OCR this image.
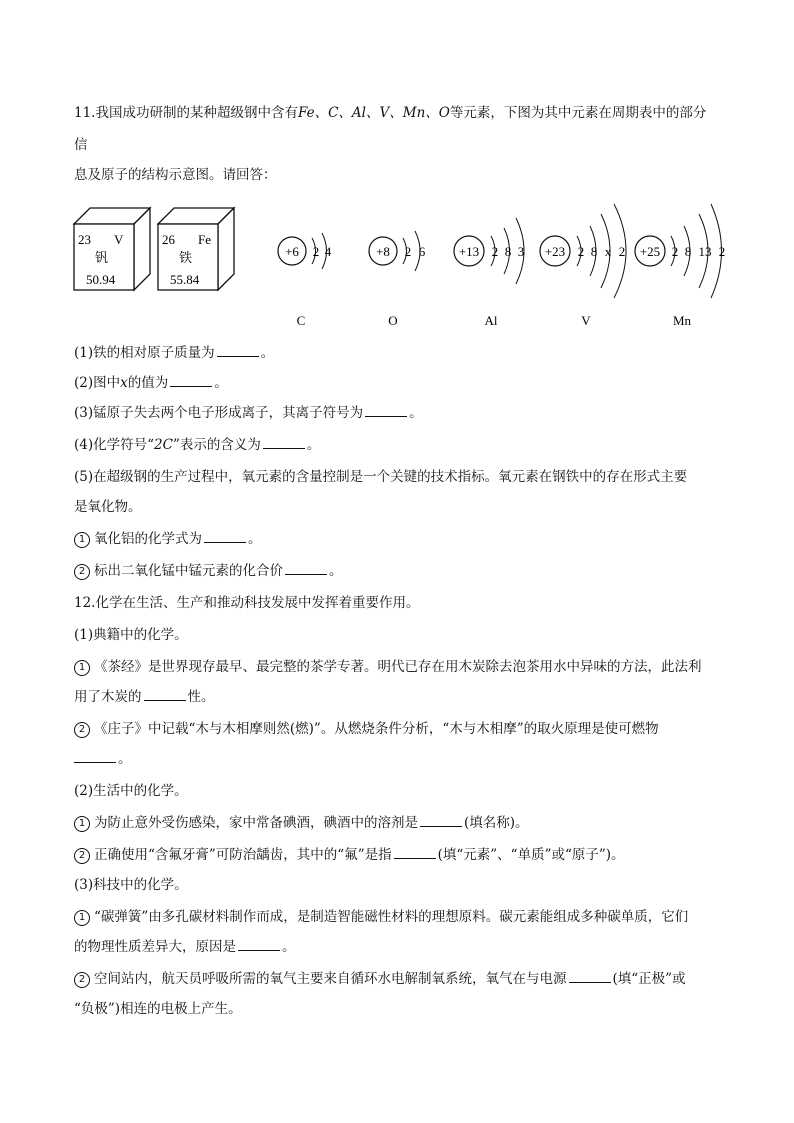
11.我国成功研制的某种超级钢中含有Fe、C、Al、V、Mn、O等元素，下图为其中元素在周期表中的部分
信
息及原子的结构示意图。请回答：
23 V
钒
50.94
26 Fe
铁
55.84
+6 2 4
C
+8 2 6
O
+13 2 8 3
Al
+23 2 8 x 2
V
+25 2 8 13 2
Mn
(1)铁的相对原子质量为	。
(2)图中x的值为	。
(3)锰原子失去两个电子形成离子，其离子符号为	。
(4)化学符号“2C”表示的含义为	。
(5)在超级钢的生产过程中，氧元素的含量控制是一个关键的技术指标。氧元素在钢铁中的存在形式主要
是氧化物。
1 氧化铝的化学式为	。
2 标出二氧化锰中锰元素的化合价	。
12.化学在生活、生产和推动科技发展中发挥着重要作用。
(1)典籍中的化学。
1 《茶经》是世界现存最早、最完整的茶学专著。明代已存在用木炭除去泡茶用水中异味的方法，此法利
用了木炭的	性。
2 《庄子》中记载“木与木相摩则然(燃)”。从燃烧条件分析，“木与木相摩”的取火原理是使可燃物
。
(2)生活中的化学。
1 为防止意外受伤感染，家中常备碘酒，碘酒中的溶剂是	(填名称)。
2 正确使用“含氟牙膏”可防治龋齿，其中的“氟”是指	(填“元素”、“单质”或“原子”)。
(3)科技中的化学。
1 “碳弹簧”由多孔碳材料制作而成，是制造智能磁性材料的理想原料。碳元素能组成多种碳单质，它们
的物理性质差异大，原因是	。
2 空间站内，航天员呼吸所需的氧气主要来自循环水电解制氧系统，氧气在与电源	(填“正极”或
“负极”)相连的电极上产生。
